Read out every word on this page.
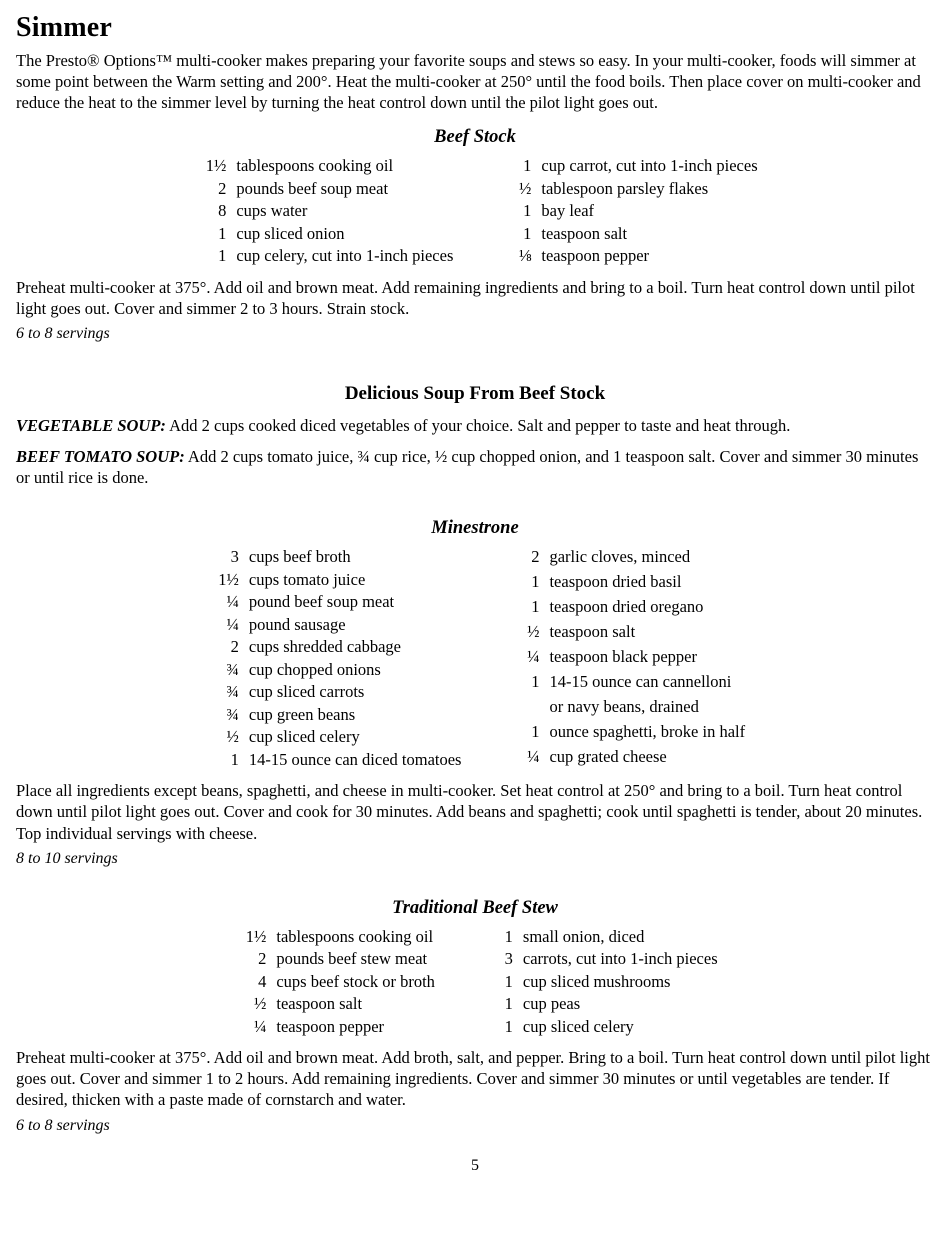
Simmer

The Presto® Options™ multi-cooker makes preparing your favorite soups and stews so easy. In your multi-cooker, foods will simmer at some point between the Warm setting and 200°. Heat the multi-cooker at 250° until the food boils. Then place cover on multi-cooker and reduce the heat to the simmer level by turning the heat control down until the pilot light goes out.

Beef Stock
1½	tablespoons cooking oil
2	pounds beef soup meat
8	cups water
1	cup sliced onion
1	cup celery, cut into 1-inch pieces
1	cup carrot, cut into 1-inch pieces
½	tablespoon parsley flakes
1	bay leaf
1	teaspoon salt
⅛	teaspoon pepper

Preheat multi-cooker at 375°. Add oil and brown meat. Add remaining ingredients and bring to a boil. Turn heat control down until pilot light goes out. Cover and simmer 2 to 3 hours. Strain stock.

6 to 8 servings

Delicious Soup From Beef Stock

VEGETABLE SOUP: Add 2 cups cooked diced vegetables of your choice. Salt and pepper to taste and heat through.

BEEF TOMATO SOUP: Add 2 cups tomato juice, ¾ cup rice, ½ cup chopped onion, and 1 teaspoon salt. Cover and simmer 30 minutes or until rice is done.

Minestrone
3	cups beef broth
1½	cups tomato juice
¼	pound beef soup meat
¼	pound sausage
2	cups shredded cabbage
¾	cup chopped onions
¾	cup sliced carrots
¾	cup green beans
½	cup sliced celery
1	14-15 ounce can diced tomatoes
2	garlic cloves, minced
1	teaspoon dried basil
1	teaspoon dried oregano
½	teaspoon salt
¼	teaspoon black pepper
1	14-15 ounce can cannelloni
	or navy beans, drained
1	ounce spaghetti, broke in half
¼	cup grated cheese

Place all ingredients except beans, spaghetti, and cheese in multi-cooker. Set heat control at 250° and bring to a boil. Turn heat control down until pilot light goes out. Cover and cook for 30 minutes. Add beans and spaghetti; cook until spaghetti is tender, about 20 minutes. Top individual servings with cheese.

8 to 10 servings

Traditional Beef Stew
1½	tablespoons cooking oil
2	pounds beef stew meat
4	cups beef stock or broth
½	teaspoon salt
¼	teaspoon pepper
1	small onion, diced
3	carrots, cut into 1-inch pieces
1	cup sliced mushrooms
1	cup peas
1	cup sliced celery

Preheat multi-cooker at 375°. Add oil and brown meat. Add broth, salt, and pepper. Bring to a boil. Turn heat control down until pilot light goes out. Cover and simmer 1 to 2 hours. Add remaining ingredients. Cover and simmer 30 minutes or until vegetables are tender. If desired, thicken with a paste made of cornstarch and water.

6 to 8 servings

5
